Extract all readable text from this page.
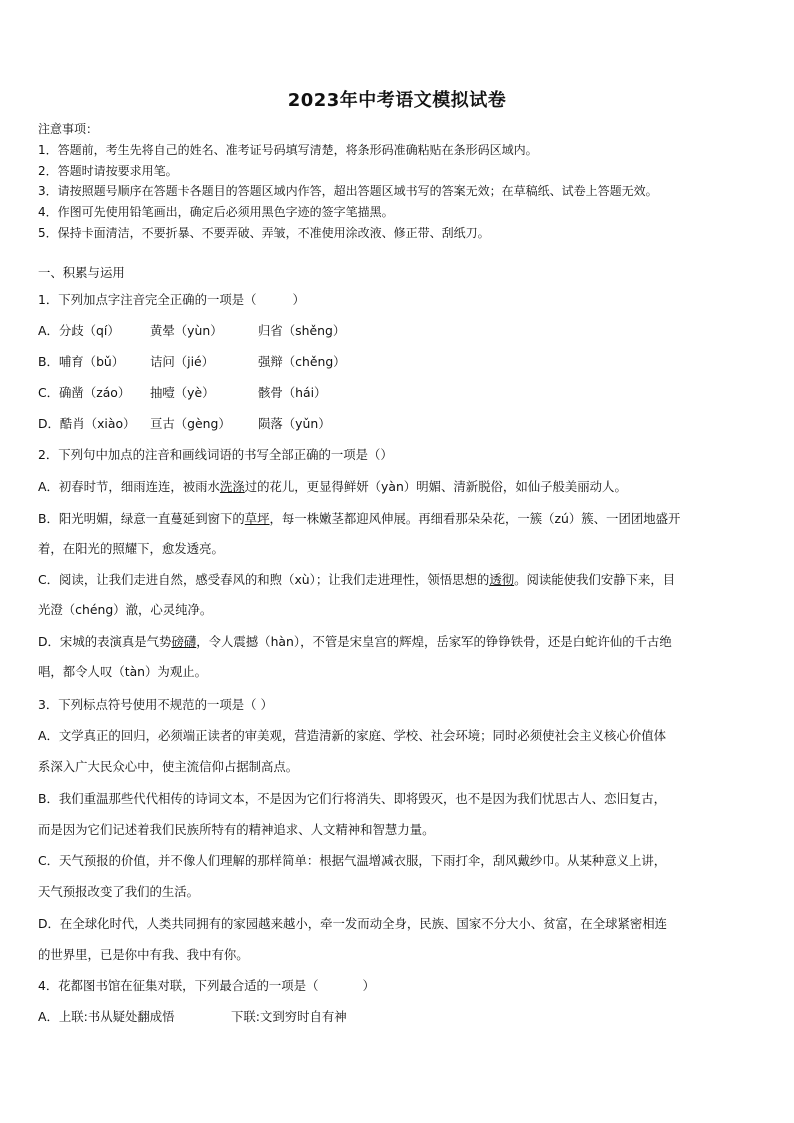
2023年中考语文模拟试卷
注意事项：
1．答题前，考生先将自己的姓名、准考证号码填写清楚，将条形码准确粘贴在条形码区域内。
2．答题时请按要求用笔。
3．请按照题号顺序在答题卡各题目的答题区域内作答，超出答题区域书写的答案无效；在草稿纸、试卷上答题无效。
4．作图可先使用铅笔画出，确定后必须用黑色字迹的签字笔描黑。
5．保持卡面清洁，不要折暴、不要弄破、弄皱，不准使用涂改液、修正带、刮纸刀。
一、积累与运用
1．下列加点字注音完全正确的一项是（	）
A．分歧（qí） 黄晕（yùn）	归省（shěng）
B．哺育（bǔ） 诘问（jié）	强辩（chěng）
C．确凿（záo） 抽噎（yè）	骸骨（hái）
D．酷肖（xiào） 亘古（gèng） 陨落（yǔn）
2．下列句中加点的注音和画线词语的书写全部正确的一项是（）
A．初春时节，细雨连连，被雨水洗涤过的花儿，更显得鲜妍（yàn）明媚、清新脱俗，如仙子般美丽动人。
B．阳光明媚，绿意一直蔓延到窗下的草坪，每一株嫩茎都迎风伸展。再细看那朵朵花，一簇（zú）簇、一团团地盛开
着，在阳光的照耀下，愈发透亮。
C．阅读，让我们走进自然，感受春风的和煦（xù）；让我们走进理性，领悟思想的透彻。阅读能使我们安静下来，目
光澄（chéng）澈，心灵纯净。
D．宋城的表演真是气势磅礴，令人震撼（hàn），不管是宋皇宫的辉煌，岳家军的铮铮铁骨，还是白蛇许仙的千古绝
唱，都令人叹（tàn）为观止。
3．下列标点符号使用不规范的一项是（ ）
A．文学真正的回归，必须端正读者的审美观，营造清新的家庭、学校、社会环境；同时必须使社会主义核心价值体
系深入广大民众心中，使主流信仰占据制高点。
B．我们重温那些代代相传的诗词文本，不是因为它们行将消失、即将毁灭，也不是因为我们忧思古人、恋旧复古，
而是因为它们记述着我们民族所特有的精神追求、人文精神和智慧力量。
C．天气预报的价值，并不像人们理解的那样简单：根据气温增减衣服，下雨打伞，刮风戴纱巾。从某种意义上讲，
天气预报改变了我们的生活。
D．在全球化时代，人类共同拥有的家园越来越小，牵一发而动全身，民族、国家不分大小、贫富，在全球紧密相连
的世界里，已是你中有我、我中有你。
4．花都图书馆在征集对联，下列最合适的一项是（	）
A．上联:书从疑处翻成悟	下联:文到穷时自有神
